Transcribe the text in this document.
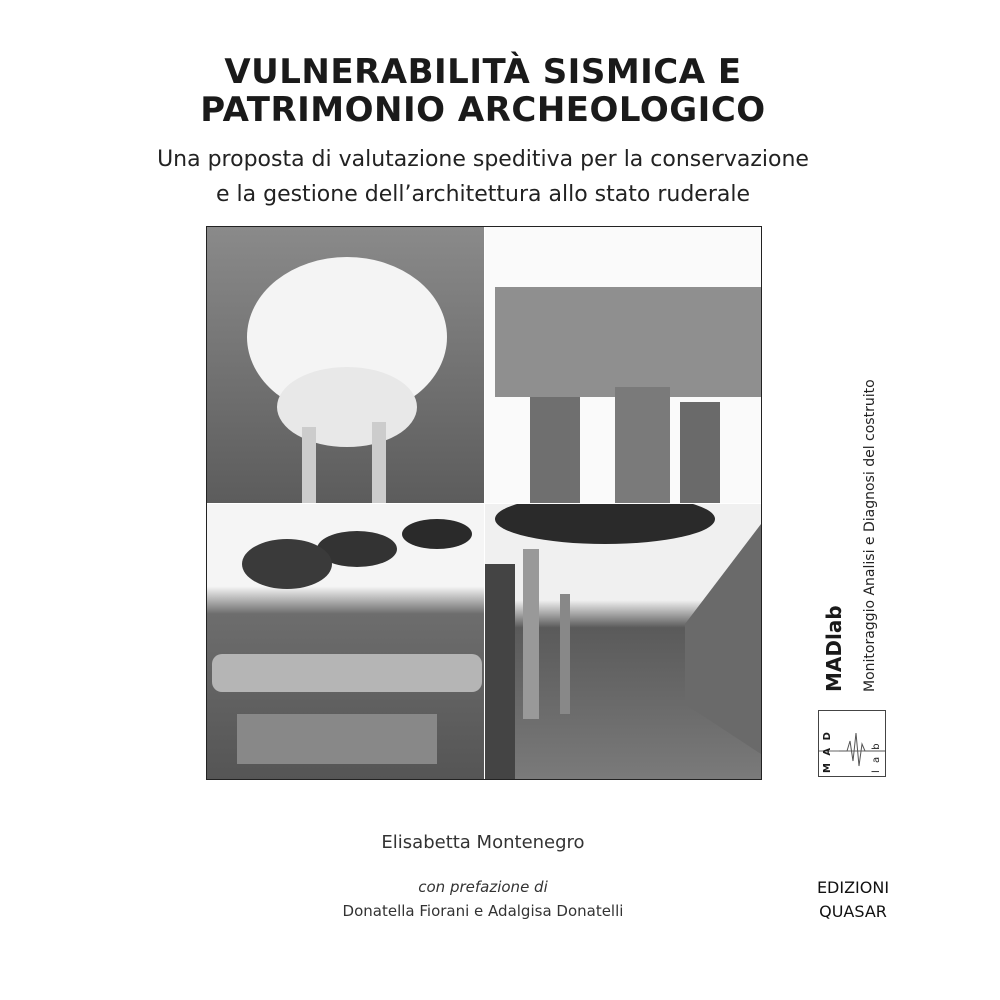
VULNERABILITÀ SISMICA E
PATRIMONIO ARCHEOLOGICO
Una proposta di valutazione speditiva per la conservazione
e la gestione dell’architettura allo stato ruderale
Elisabetta Montenegro
con prefazione di
Donatella Fiorani e Adalgisa Donatelli
EDIZIONI
QUASAR
MADlab Monitoraggio Analisi e Diagnosi del costruito
M A D
l a b
